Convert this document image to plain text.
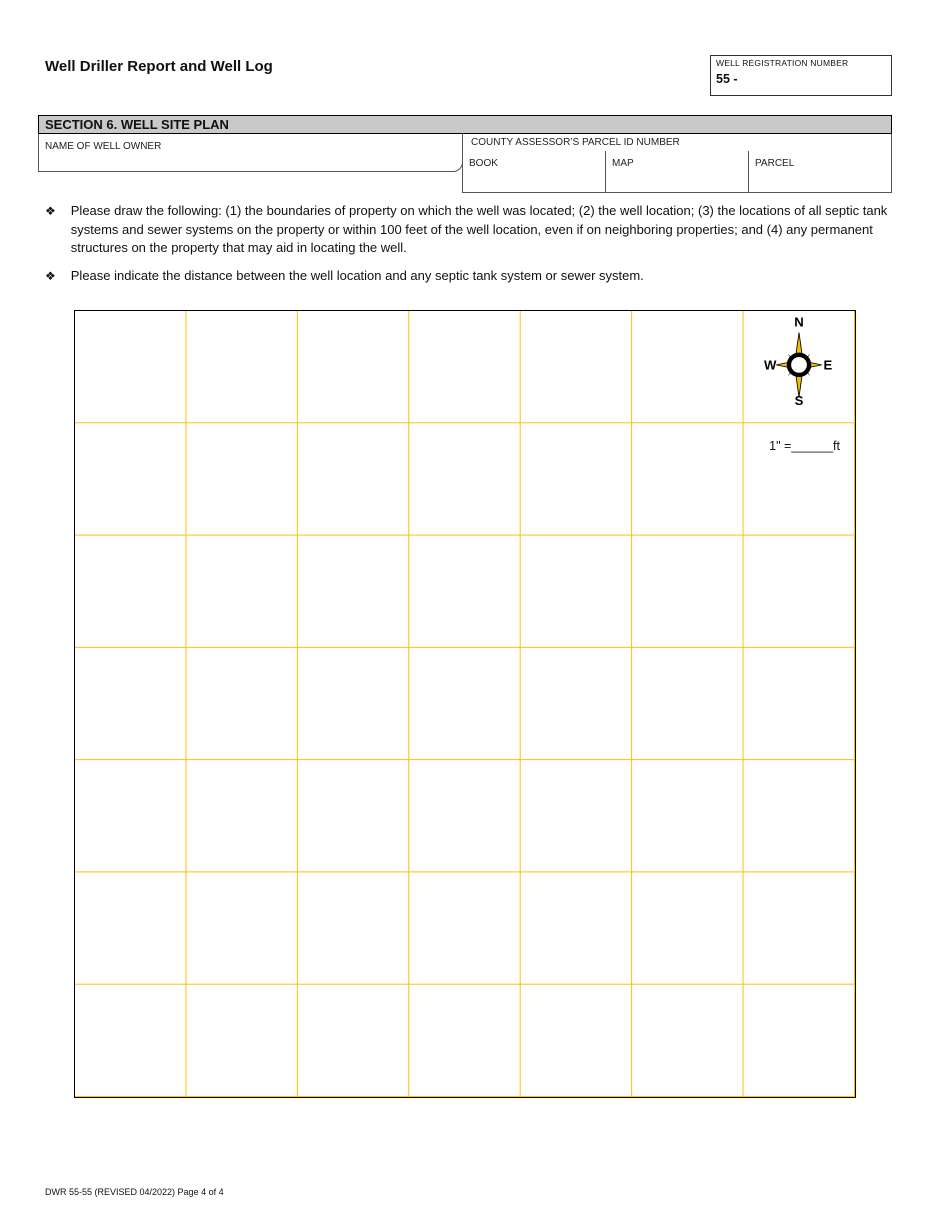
Well Driller Report and Well Log	WELL REGISTRATION NUMBER
55 -
SECTION 6. WELL SITE PLAN
NAME OF WELL OWNER	COUNTY ASSESSOR’S PARCEL ID NUMBER
BOOK	MAP	PARCEL
❖ Please draw the following: (1) the boundaries of property on which the well was located; (2) the well location; (3) the locations of all septic tank systems and sewer systems on the property or within 100 feet of the well location, even if on neighboring properties; and (4) any permanent structures on the property that may aid in locating the well.
❖ Please indicate the distance between the well location and any septic tank system or sewer system.
N
E
S
W
1" =______ft
DWR 55-55 (REVISED 04/2022) Page 4 of 4
